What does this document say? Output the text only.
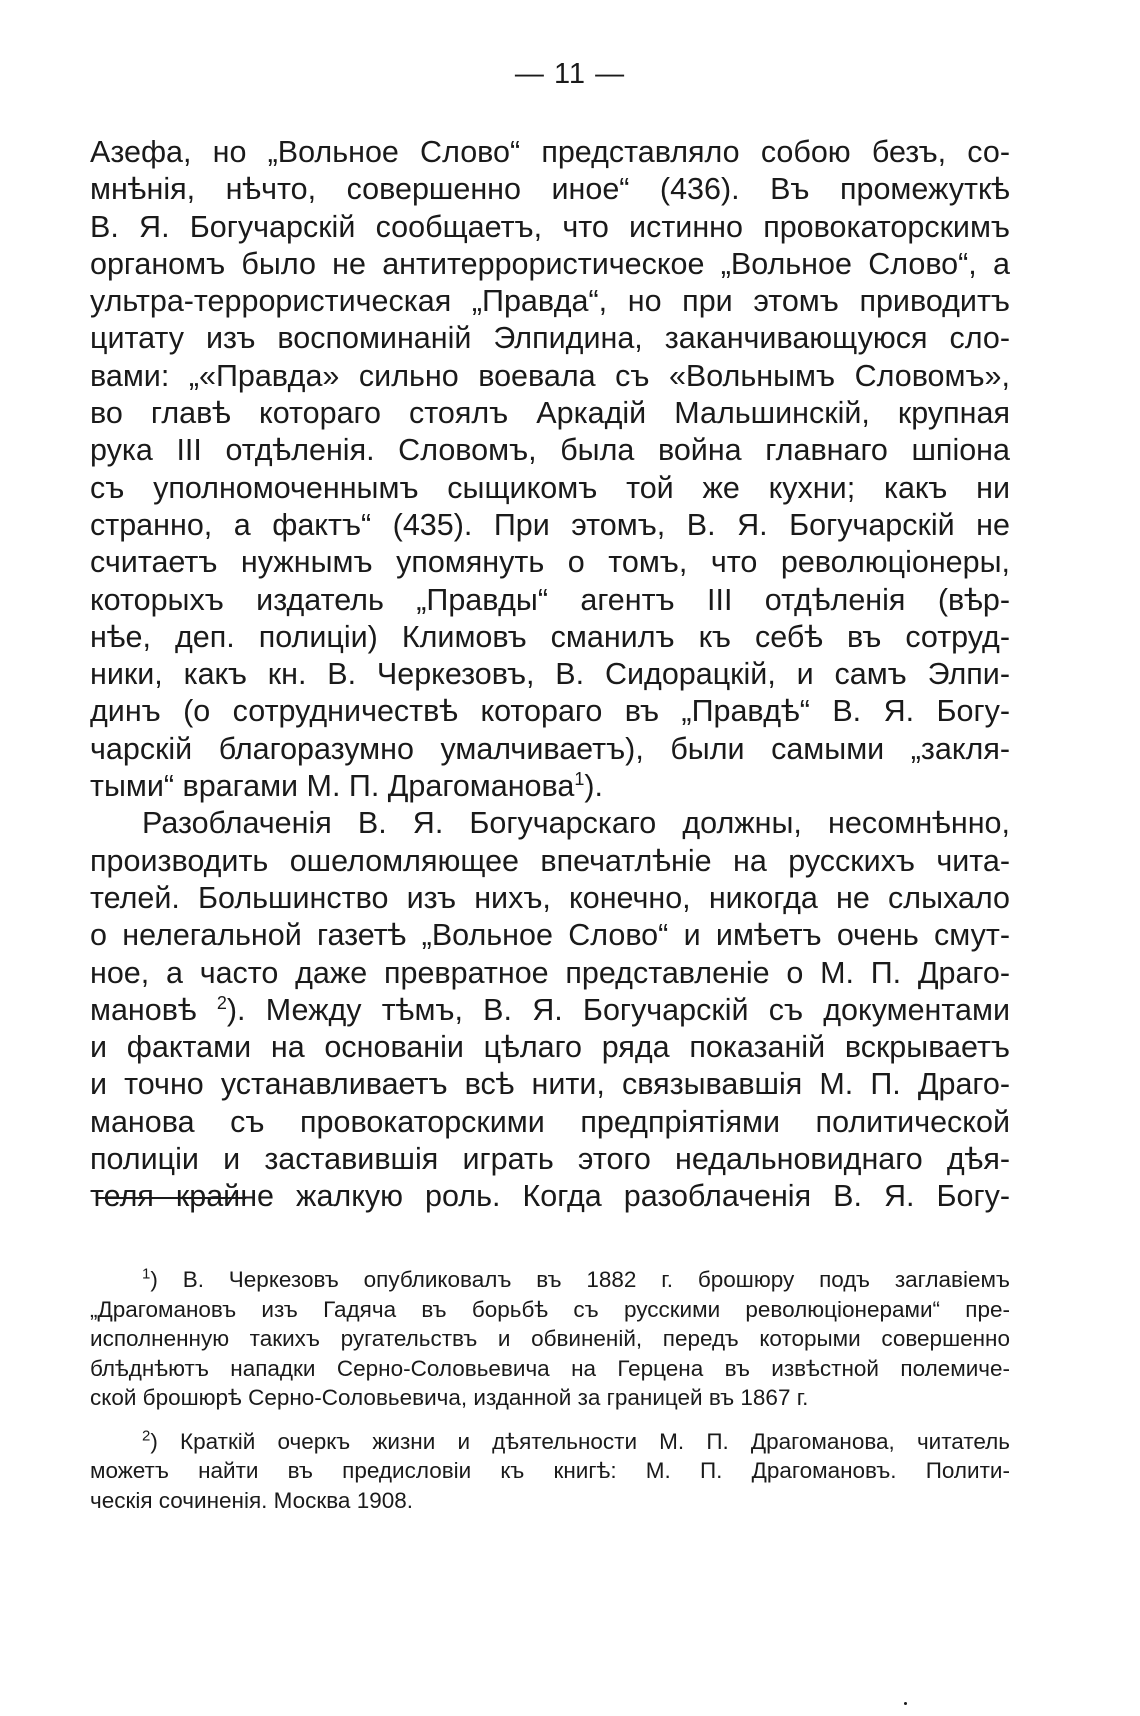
— 11 —
Азефа, но „Вольное Слово“ представляло собою безъ, со-
мнѣнія, нѣчто, совершенно иное“ (436). Въ промежуткѣ
В. Я. Богучарскій сообщаетъ, что истинно провокаторскимъ
органомъ было не антитеррористическое „Вольное Слово“, а
ультра-террористическая „Правда“, но при этомъ приводитъ
цитату изъ воспоминаній Элпидина, заканчивающуюся сло-
вами: „«Правда» сильно воевала съ «Вольнымъ Словомъ»,
во главѣ котораго стоялъ Аркадій Мальшинскій, крупная
рука III отдѣленія. Словомъ, была война главнаго шпіона
съ уполномоченнымъ сыщикомъ той же кухни; какъ ни
странно, а фактъ“ (435). При этомъ, В. Я. Богучарскій не
считаетъ нужнымъ упомянуть о томъ, что революціонеры,
которыхъ издатель „Правды“ агентъ III отдѣленія (вѣр-
нѣе, деп. полиціи) Климовъ сманилъ къ себѣ въ сотруд-
ники, какъ кн. В. Черкезовъ, В. Сидорацкій, и самъ Элпи-
динъ (о сотрудничествѣ котораго въ „Правдѣ“ В. Я. Богу-
чарскій благоразумно умалчиваетъ), были самыми „закля-
тыми“ врагами М. П. Драгоманова$^1$).
Разоблаченія В. Я. Богучарскаго должны, несомнѣнно,
производить ошеломляющее впечатлѣніе на русскихъ чита-
телей. Большинство изъ нихъ, конечно, никогда не слыхало
о нелегальной газетѣ „Вольное Слово“ и имѣетъ очень смут-
ное, а часто даже превратное представленіе о М. П. Драго-
мановѣ $^2$). Между тѣмъ, В. Я. Богучарскій съ документами
и фактами на основаніи цѣлаго ряда показаній вскрываетъ
и точно устанавливаетъ всѣ нити, связывавшія М. П. Драго-
манова съ провокаторскими предпріятіями политической
полиціи и заставившія играть этого недальновиднаго дѣя-
теля крайне жалкую роль. Когда разоблаченія В. Я. Богу-
$^1$) В. Черкезовъ опубликовалъ въ 1882 г. брошюру подъ заглавіемъ
„Драгомановъ изъ Гадяча въ борьбѣ съ русскими революціонерами“ пре-
исполненную такихъ ругательствъ и обвиненій, передъ которыми совершенно
блѣднѣютъ нападки Серно-Соловьевича на Герцена въ извѣстной полемиче-
ской брошюрѣ Серно-Соловьевича, изданной за границей въ 1867 г.
$^2$) Краткій очеркъ жизни и дѣятельности М. П. Драгоманова, читатель
можетъ найти въ предисловіи къ книгѣ: М. П. Драгомановъ. Полити-
ческія сочиненія. Москва 1908.
